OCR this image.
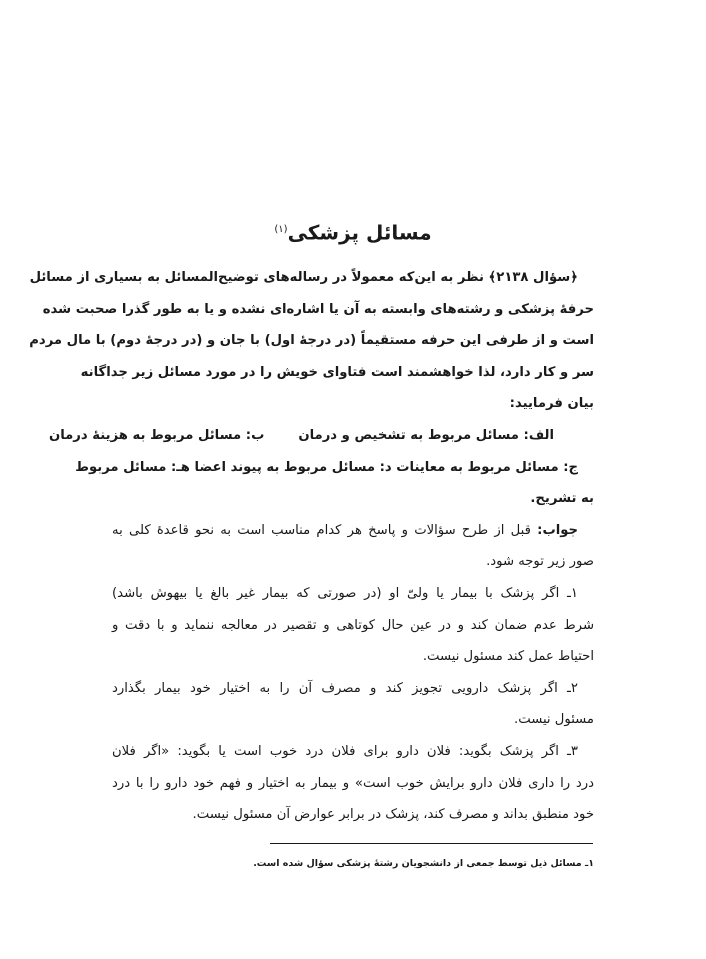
مسائل پزشکی$^{(۱)}$
﴿سؤال ۲۱۳۸﴾ نظر به این‌که معمولاً در رساله‌های توضیح‌المسائل به بسیاری از مسائل
حرفهٔ پزشکی و رشته‌های وابسته به آن یا اشاره‌ای نشده و یا به طور گذرا صحبت شده
است و از طرفی این حرفه مستقیماً (در درجهٔ اول) با جان و (در درجهٔ دوم) با مال مردم
سر و کار دارد، لذا خواهشمند است فتاوای خویش را در مورد مسائل زیر جداگانه
بیان فرمایید:
الف: مسائل مربوط به تشخیص و درمانب: مسائل مربوط به هزینهٔ درمان
ج: مسائل مربوط به معاینات د: مسائل مربوط به پیوند اعضا هـ: مسائل مربوط
به تشریح.
جواب: قبل از طرح سؤالات و پاسخ هر کدام مناسب است به نحو قاعدهٔ کلی به
صور زیر توجه شود.
۱ـ اگر پزشک با بیمار یا ولیّ او (در صورتی که بیمار غیر بالغ یا بیهوش باشد)
شرط عدم ضمان کند و در عین حال کوتاهی و تقصیر در معالجه ننماید و با دقت و
احتیاط عمل کند مسئول نیست.
۲ـ اگر پزشک دارویی تجویز کند و مصرف آن را به اختیار خود بیمار بگذارد
مسئول نیست.
۳ـ اگر پزشک بگوید: فلان دارو برای فلان درد خوب است یا بگوید: «اگر فلان
درد را داری فلان دارو برایش خوب است» و بیمار به اختیار و فهم خود دارو را با درد
خود منطبق بداند و مصرف کند، پزشک در برابر عوارض آن مسئول نیست.
۱ـ مسائل ذیل توسط جمعی از دانشجویان رشتهٔ پزشکی سؤال شده است.
